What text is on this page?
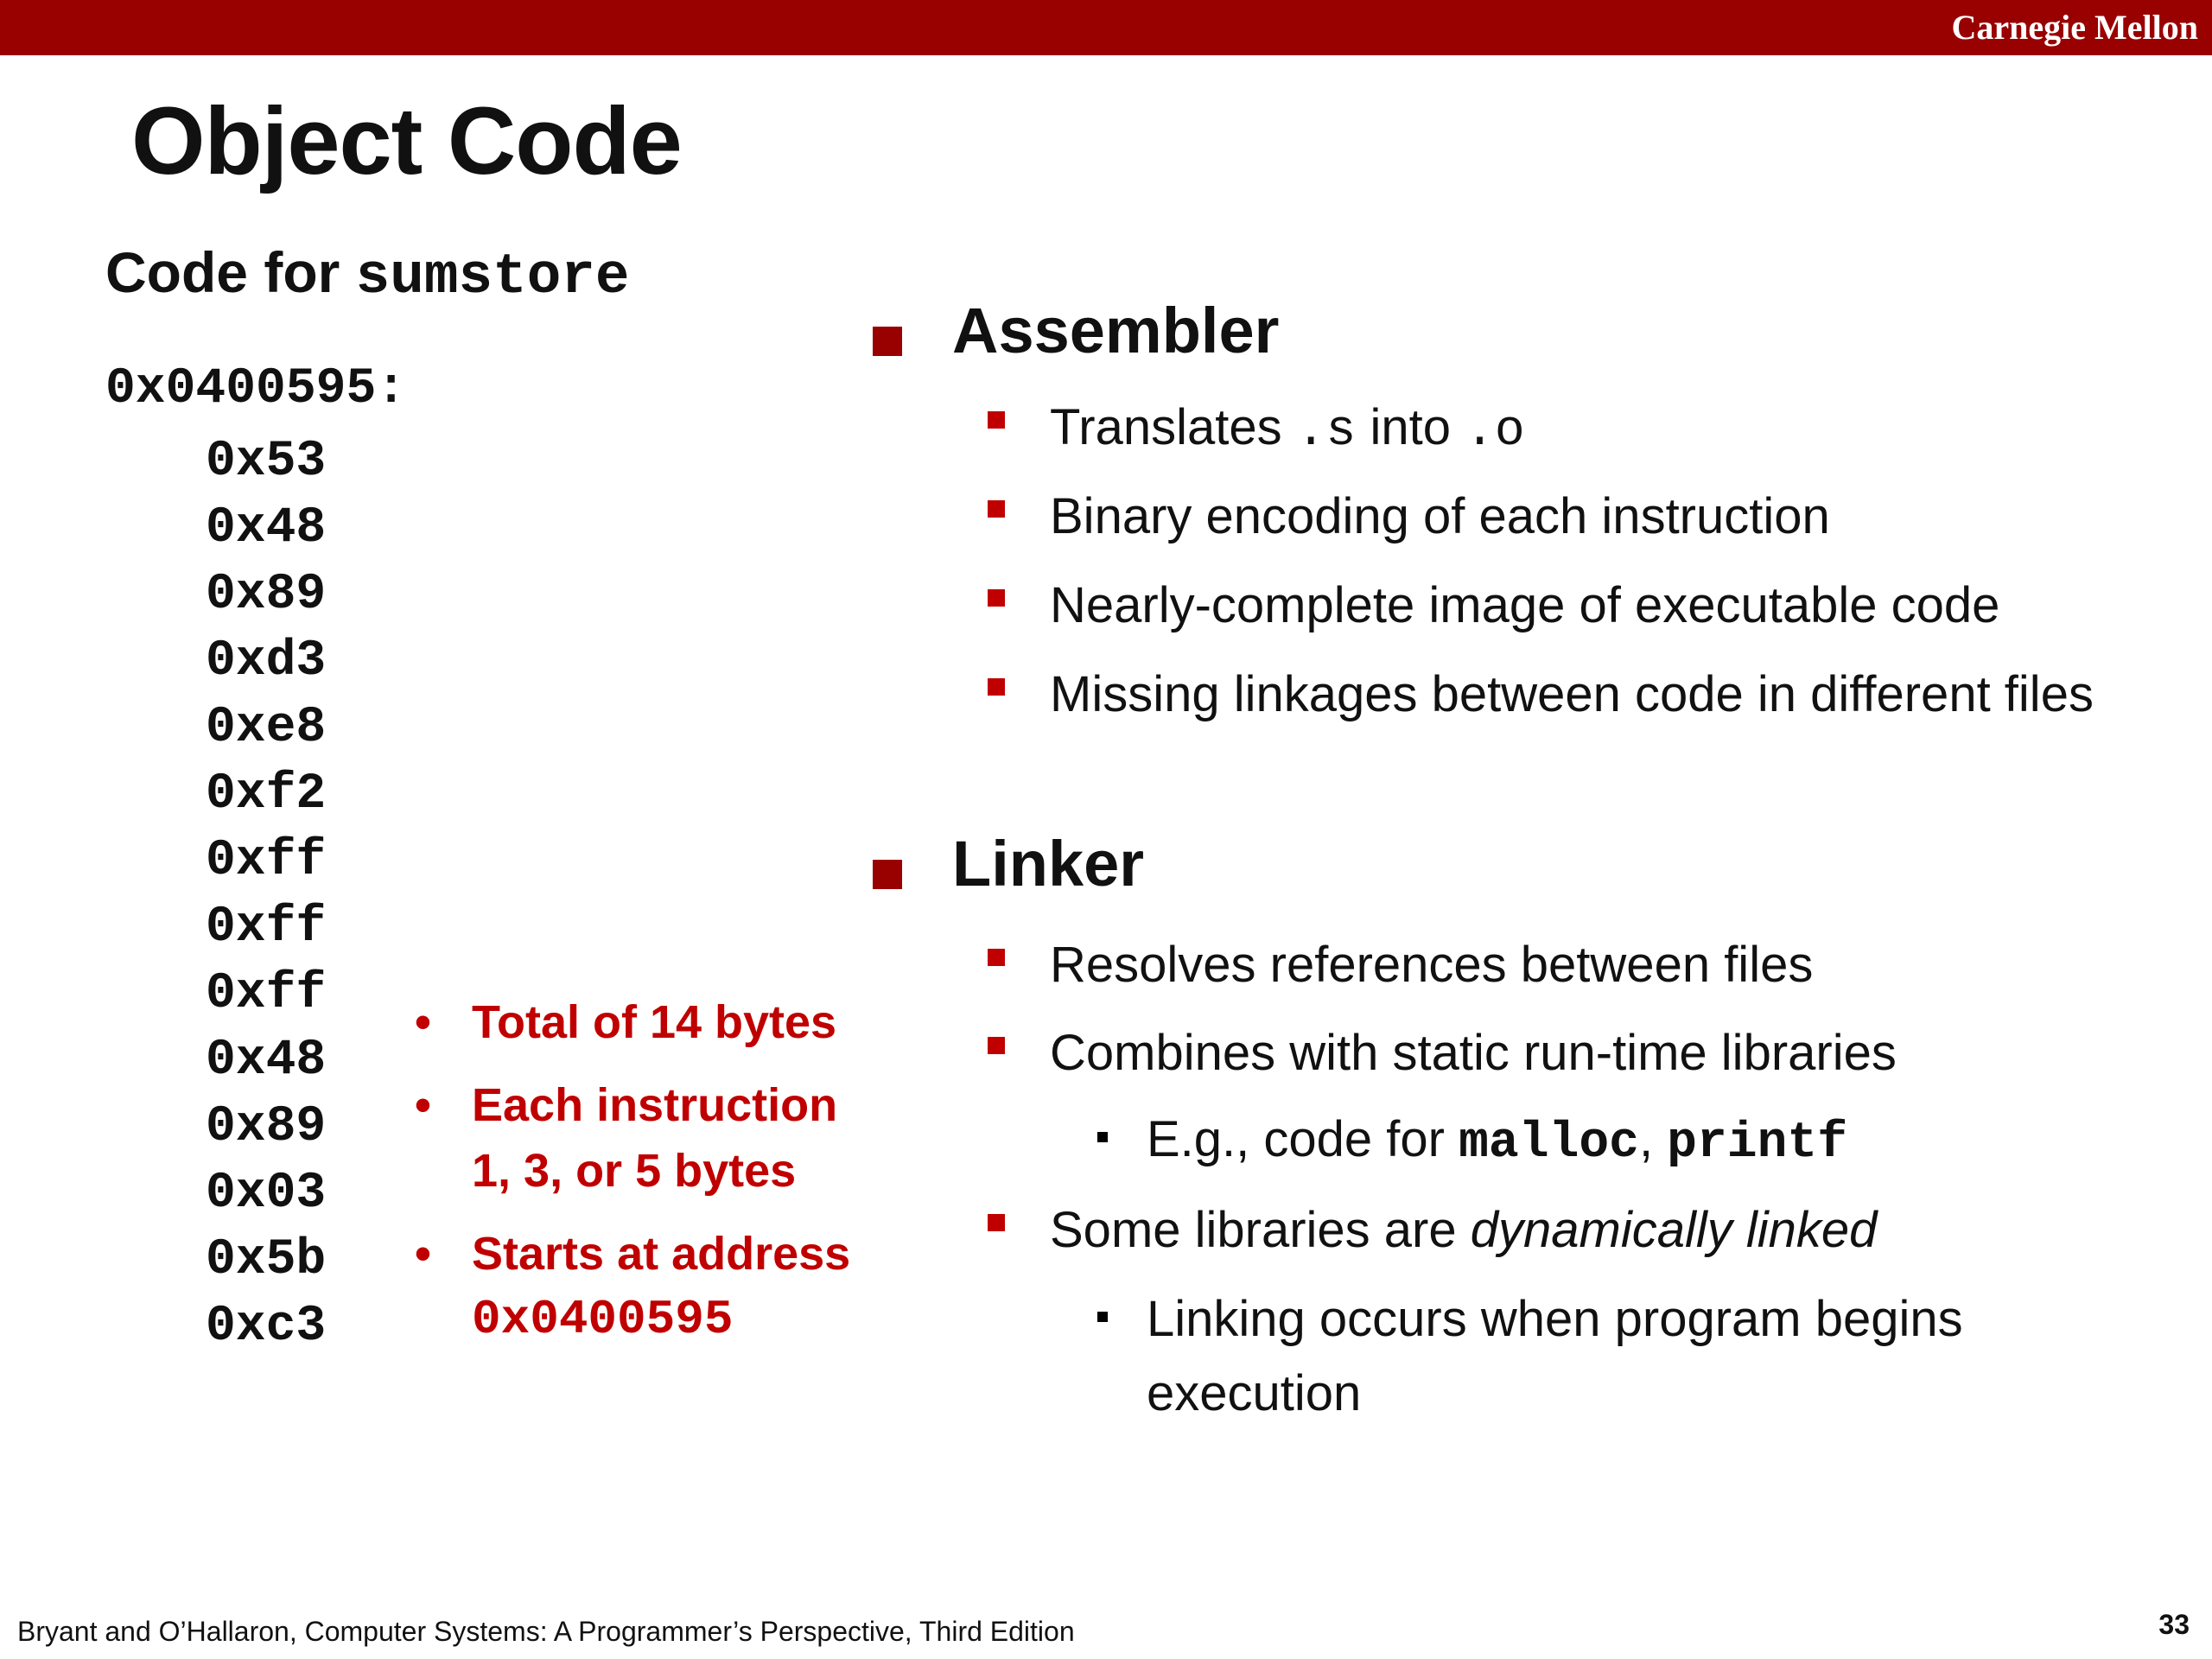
Carnegie Mellon
Object Code
Code for sumstore
0x0400595:
0x53
0x48
0x89
0xd3
0xe8
0xf2
0xff
0xff
0xff
0x48
0x89
0x03
0x5b
0xc3
• Total of 14 bytes
• Each instruction
1, 3, or 5 bytes
• Starts at address
0x0400595
Assembler
Translates .s into .o
Binary encoding of each instruction
Nearly-complete image of executable code
Missing linkages between code in different files
Linker
Resolves references between files
Combines with static run-time libraries
E.g., code for malloc, printf
Some libraries are dynamically linked
Linking occurs when program begins execution
Bryant and O’Hallaron, Computer Systems: A Programmer’s Perspective, Third Edition	33
